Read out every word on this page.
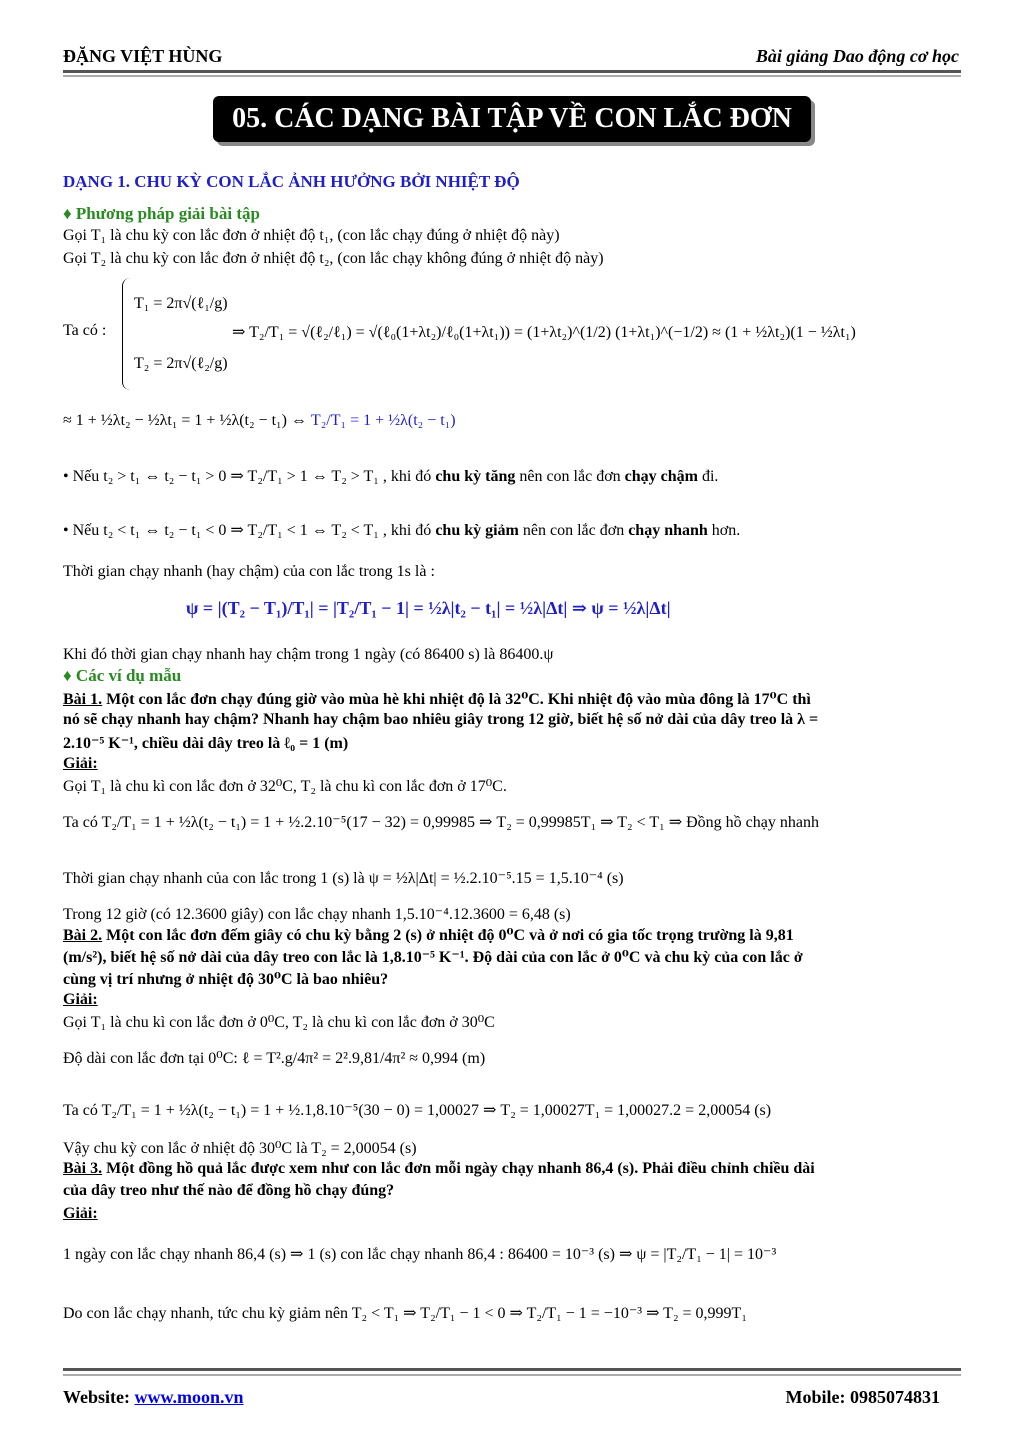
ĐẶNG VIỆT HÙNG	Bài giảng Dao động cơ học
05. CÁC DẠNG BÀI TẬP VỀ CON LẮC ĐƠN
DẠNG 1. CHU KỲ CON LẮC ẢNH HƯỞNG BỞI NHIỆT ĐỘ
♦ Phương pháp giải bài tập
Gọi T₁ là chu kỳ con lắc đơn ở nhiệt độ t₁, (con lắc chạy đúng ở nhiệt độ này)
Gọi T₂ là chu kỳ con lắc đơn ở nhiệt độ t₂, (con lắc chạy không đúng ở nhiệt độ này)
Ta có :
T₁ = 2π√(ℓ₁/g)
T₂ = 2π√(ℓ₂/g)
⇒ T₂/T₁ = √(ℓ₂/ℓ₁) = √(ℓ₀(1+λt₂)/ℓ₀(1+λt₁)) = (1+λt₂)^(1/2) (1+λt₁)^(−1/2) ≈ (1 + ½λt₂)(1 − ½λt₁)
≈ 1 + ½λt₂ − ½λt₁ = 1 + ½λ(t₂ − t₁) ⇔ T₂/T₁ = 1 + ½λ(t₂ − t₁)
• Nếu t₂ > t₁ ⇔ t₂ − t₁ > 0 ⇒ T₂/T₁ > 1 ⇔ T₂ > T₁ , khi đó chu kỳ tăng nên con lắc đơn chạy chậm đi.
• Nếu t₂ < t₁ ⇔ t₂ − t₁ < 0 ⇒ T₂/T₁ < 1 ⇔ T₂ < T₁ , khi đó chu kỳ giảm nên con lắc đơn chạy nhanh hơn.
Thời gian chạy nhanh (hay chậm) của con lắc trong 1s là :
ψ = |(T₂ − T₁)/T₁| = |T₂/T₁ − 1| = ½λ|t₂ − t₁| = ½λ|Δt| ⇒ ψ = ½λ|Δt|
Khi đó thời gian chạy nhanh hay chậm trong 1 ngày (có 86400 s) là 86400.ψ
♦ Các ví dụ mẫu
Bài 1. Một con lắc đơn chạy đúng giờ vào mùa hè khi nhiệt độ là 32⁰C. Khi nhiệt độ vào mùa đông là 17⁰C thì
nó sẽ chạy nhanh hay chậm? Nhanh hay chậm bao nhiêu giây trong 12 giờ, biết hệ số nở dài của dây treo là λ =
2.10⁻⁵ K⁻¹, chiều dài dây treo là ℓ₀ = 1 (m)
Giải:
Gọi T₁ là chu kì con lắc đơn ở 32⁰C, T₂ là chu kì con lắc đơn ở 17⁰C.
Ta có T₂/T₁ = 1 + ½λ(t₂ − t₁) = 1 + ½.2.10⁻⁵(17 − 32) = 0,99985 ⇒ T₂ = 0,99985T₁ ⇒ T₂ < T₁ ⇒ Đồng hồ chạy nhanh
Thời gian chạy nhanh của con lắc trong 1 (s) là ψ = ½λ|Δt| = ½.2.10⁻⁵.15 = 1,5.10⁻⁴ (s)
Trong 12 giờ (có 12.3600 giây) con lắc chạy nhanh 1,5.10⁻⁴.12.3600 = 6,48 (s)
Bài 2. Một con lắc đơn đếm giây có chu kỳ bằng 2 (s) ở nhiệt độ 0⁰C và ở nơi có gia tốc trọng trường là 9,81
(m/s²), biết hệ số nở dài của dây treo con lắc là 1,8.10⁻⁵ K⁻¹. Độ dài của con lắc ở 0⁰C và chu kỳ của con lắc ở
cùng vị trí nhưng ở nhiệt độ 30⁰C là bao nhiêu?
Giải:
Gọi T₁ là chu kì con lắc đơn ở 0⁰C, T₂ là chu kì con lắc đơn ở 30⁰C
Độ dài con lắc đơn tại 0⁰C: ℓ = T².g/4π² = 2².9,81/4π² ≈ 0,994 (m)
Ta có T₂/T₁ = 1 + ½λ(t₂ − t₁) = 1 + ½.1,8.10⁻⁵(30 − 0) = 1,00027 ⇒ T₂ = 1,00027T₁ = 1,00027.2 = 2,00054 (s)
Vậy chu kỳ con lắc ở nhiệt độ 30⁰C là T₂ = 2,00054 (s)
Bài 3. Một đồng hồ quả lắc được xem như con lắc đơn mỗi ngày chạy nhanh 86,4 (s). Phải điều chỉnh chiều dài
của dây treo như thế nào để đồng hồ chạy đúng?
Giải:
1 ngày con lắc chạy nhanh 86,4 (s) ⇒ 1 (s) con lắc chạy nhanh 86,4 : 86400 = 10⁻³ (s) ⇒ ψ = |T₂/T₁ − 1| = 10⁻³
Do con lắc chạy nhanh, tức chu kỳ giảm nên T₂ < T₁ ⇒ T₂/T₁ − 1 < 0 ⇒ T₂/T₁ − 1 = −10⁻³ ⇒ T₂ = 0,999T₁
Website: www.moon.vn	Mobile: 0985074831
